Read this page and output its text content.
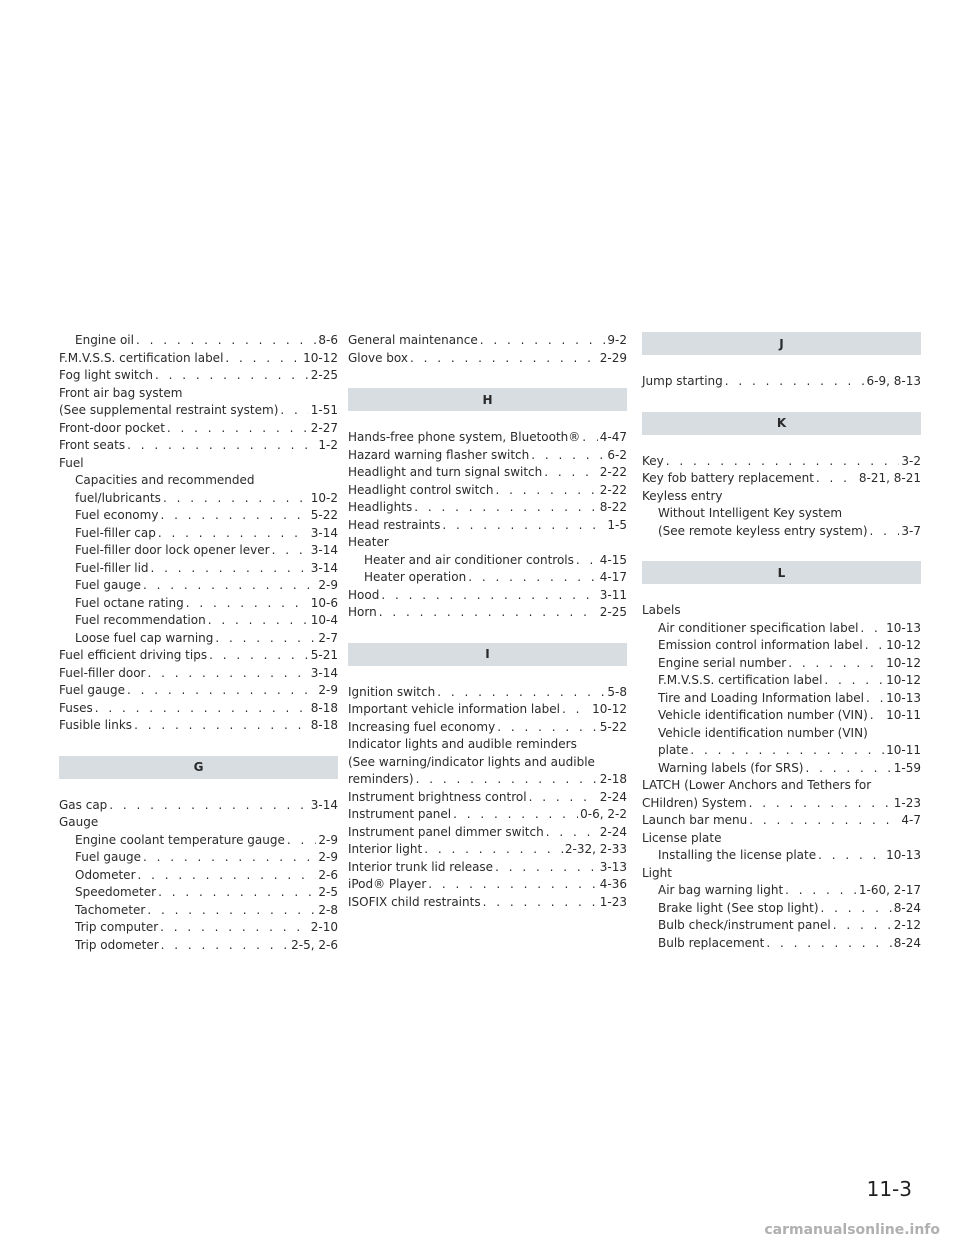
Engine oil . . .	8-6
F.M.V.S.S. certification label . . .	10-12
Fog light switch . . .	2-25
Front air bag system
(See supplemental restraint system) . . .	1-51
Front-door pocket . . .	2-27
Front seats . . .	1-2
Fuel
Capacities and recommended
fuel/lubricants . . .	10-2
Fuel economy . . .	5-22
Fuel-filler cap . . .	3-14
Fuel-filler door lock opener lever . . .	3-14
Fuel-filler lid . . .	3-14
Fuel gauge . . .	2-9
Fuel octane rating . . .	10-6
Fuel recommendation . . .	10-4
Loose fuel cap warning . . .	2-7
Fuel efficient driving tips . . .	5-21
Fuel-filler door . . .	3-14
Fuel gauge . . .	2-9
Fuses . . .	8-18
Fusible links . . .	8-18
G
Gas cap . . .	3-14
Gauge
Engine coolant temperature gauge . . .	2-9
Fuel gauge . . .	2-9
Odometer . . .	2-6
Speedometer . . .	2-5
Tachometer . . .	2-8
Trip computer . . .	2-10
Trip odometer . . .	2-5, 2-6
General maintenance . . .	9-2
Glove box . . .	2-29
H
Hands-free phone system, Bluetooth® . . . 4-47
Hazard warning flasher switch . . .	6-2
Headlight and turn signal switch . . .	2-22
Headlight control switch . . .	2-22
Headlights . . .	8-22
Head restraints . . .	1-5
Heater
Heater and air conditioner controls . . . 4-15
Heater operation . . .	4-17
Hood . . .	3-11
Horn . . .	2-25
I
Ignition switch . . .	5-8
Important vehicle information label . . .	10-12
Increasing fuel economy . . .	5-22
Indicator lights and audible reminders
(See warning/indicator lights and audible
reminders) . . .	2-18
Instrument brightness control . . .	2-24
Instrument panel . . .	0-6, 2-2
Instrument panel dimmer switch . . .	2-24
Interior light . . .	2-32, 2-33
Interior trunk lid release . . .	3-13
iPod® Player . . .	4-36
ISOFIX child restraints . . .	1-23
J
Jump starting . . .	6-9, 8-13
K
Key . . .	3-2
Key fob battery replacement . . .	8-21, 8-21
Keyless entry
Without Intelligent Key system
(See remote keyless entry system) . . .	3-7
L
Labels
Air conditioner specification label . . . 10-13
Emission control information label . . . 10-12
Engine serial number . . .	10-12
F.M.V.S.S. certification label . . .	10-12
Tire and Loading Information label . . . 10-13
Vehicle identification number (VIN) . . . 10-11
Vehicle identification number (VIN)
plate . . .	10-11
Warning labels (for SRS) . . .	1-59
LATCH (Lower Anchors and Tethers for
CHildren) System . . .	1-23
Launch bar menu . . .	4-7
License plate
Installing the license plate . . .	10-13
Light
Air bag warning light . . .	1-60, 2-17
Brake light (See stop light) . . .	8-24
Bulb check/instrument panel . . .	2-12
Bulb replacement . . .	8-24
11-3
carmanualsonline.info
